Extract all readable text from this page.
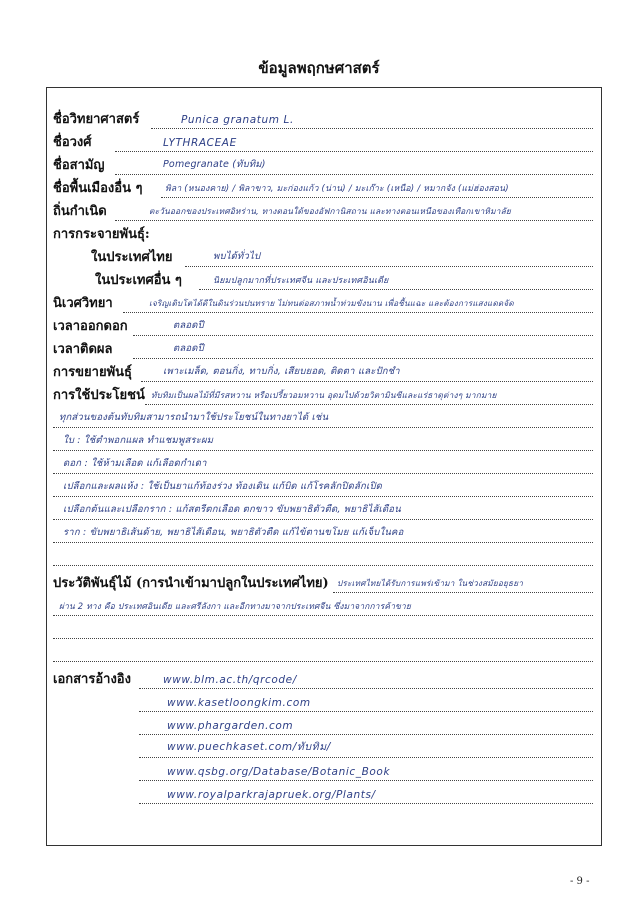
ข้อมูลพฤกษศาสตร์
ชื่อวิทยาศาสตร์	Punica granatum L.
ชื่อวงศ์	LYTHRACEAE
ชื่อสามัญ	Pomegranate (ทับทิม)
ชื่อพื้นเมืองอื่น ๆ	พิลา (หนองคาย) / พิลาขาว, มะก่องแก้ว (น่าน) / มะเก๊าะ (เหนือ) / หมากจัง (แม่ฮ่องสอน)
ถิ่นกำเนิด	ตะวันออกของประเทศอิหร่าน, ทางตอนใต้ของอัฟกานิสถาน และทางตอนเหนือของเทือกเขาหิมาลัย
การกระจายพันธุ์:
ในประเทศไทย	พบได้ทั่วไป
ในประเทศอื่น ๆ	นิยมปลูกมากที่ประเทศจีน และประเทศอินเดีย
นิเวศวิทยา	เจริญเติบโตได้ดีในดินร่วนปนทราย ไม่ทนต่อสภาพน้ำท่วมขังนาน เพื่อชื้นแฉะ และต้องการแสงแดดจัด
เวลาออกดอก	ตลอดปี
เวลาติดผล	ตลอดปี
การขยายพันธุ์	เพาะเมล็ด, ตอนกิ่ง, ทาบกิ่ง, เสียบยอด, ติดตา และปักชำ
การใช้ประโยชน์ ทับทิมเป็นผลไม้ที่มีรสหวาน หรือเปรี้ยวอมหวาน อุดมไปด้วยวิตามินซีและแร่ธาตุต่างๆ มากมาย
ทุกส่วนของต้นทับทิมสามารถนำมาใช้ประโยชน์ในทางยาได้ เช่น
ใบ : ใช้ตำพอกแผล ทำแชมพูสระผม
ดอก : ใช้ห้ามเลือด แก้เลือดกำเดา
เปลือกและผลแห้ง : ใช้เป็นยาแก้ท้องร่วง ท้องเดิน แก้บิด แก้โรคลักปิดลักเปิด
เปลือกต้นและเปลือกราก : แก้สตรีตกเลือด ตกขาว ขับพยาธิตัวตืด, พยาธิไส้เดือน
ราก : ขับพยาธิเส้นด้าย, พยาธิไส้เดือน, พยาธิตัวตืด แก้ไข้ตานขโมย แก้เจ็บในคอ
ประวัติพันธุ์ไม้ (การนำเข้ามาปลูกในประเทศไทย) ประเทศไทยได้รับการแพร่เข้ามา ในช่วงสมัยอยุธยา
ผ่าน 2 ทาง คือ ประเทศอินเดีย และศรีลังกา และอีกทางมาจากประเทศจีน ซึ่งมาจากการค้าขาย
เอกสารอ้างอิง	www.blm.ac.th/qrcode/
www.kasetloongkim.com
www.phargarden.com
www.puechkaset.com/ทับทิม/
www.qsbg.org/Database/Botanic_Book
www.royalparkrajapruek.org/Plants/
- 9 -
